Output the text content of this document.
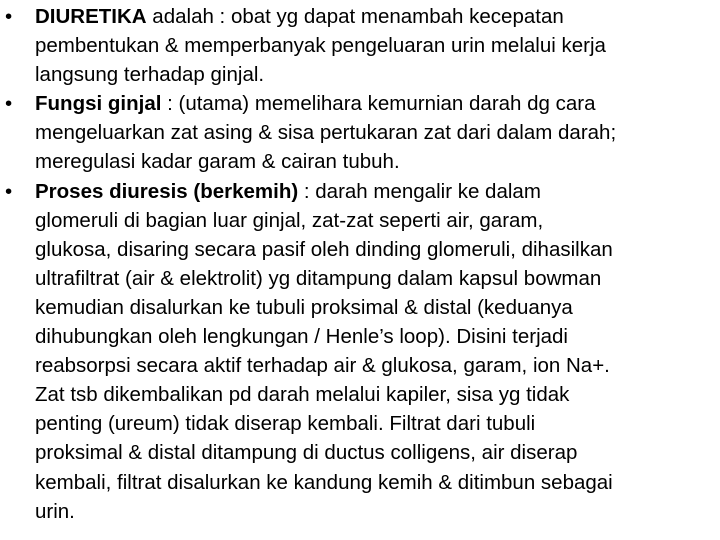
• DIURETIKA adalah : obat yg dapat menambah kecepatan
pembentukan & memperbanyak pengeluaran urin melalui kerja
langsung terhadap ginjal.
• Fungsi ginjal : (utama) memelihara kemurnian darah dg cara
mengeluarkan zat asing & sisa pertukaran zat dari dalam darah;
meregulasi kadar garam & cairan tubuh.
• Proses diuresis (berkemih) : darah mengalir ke dalam
glomeruli di bagian luar ginjal, zat-zat seperti air, garam,
glukosa, disaring secara pasif oleh dinding glomeruli, dihasilkan
ultrafiltrat (air & elektrolit) yg ditampung dalam kapsul bowman
kemudian disalurkan ke tubuli proksimal & distal (keduanya
dihubungkan oleh lengkungan / Henle’s loop). Disini terjadi
reabsorpsi secara aktif terhadap air & glukosa, garam, ion Na+.
Zat tsb dikembalikan pd darah melalui kapiler, sisa yg tidak
penting (ureum) tidak diserap kembali. Filtrat dari tubuli
proksimal & distal ditampung di ductus colligens, air diserap
kembali, filtrat disalurkan ke kandung kemih & ditimbun sebagai
urin.
